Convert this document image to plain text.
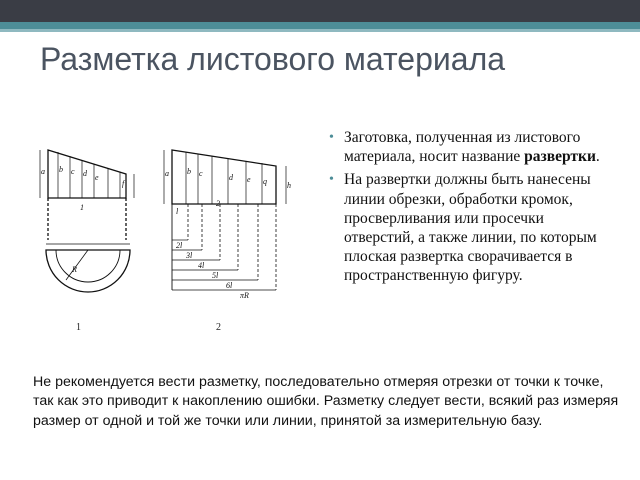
Разметка листового материала
• Заготовка, полученная из листового материала, носит название развертки.
• На развертки должны быть нанесены линии обрезки, обработки кромок, просверливания или просечки отверстий, а также линии, по которым плоская развертка сворачивается в пространственную фигуру.
a b c d e
f
1
R
a b c	d e q	h
2
l
2l
3l
4l
5l
6l
πR
1	2

Не рекомендуется вести разметку, последовательно отмеряя отрезки от точки к точке, так как это приводит к накоплению ошибки. Разметку следует вести, всякий раз измеряя размер от одной и той же точки или линии, принятой за измерительную базу.
